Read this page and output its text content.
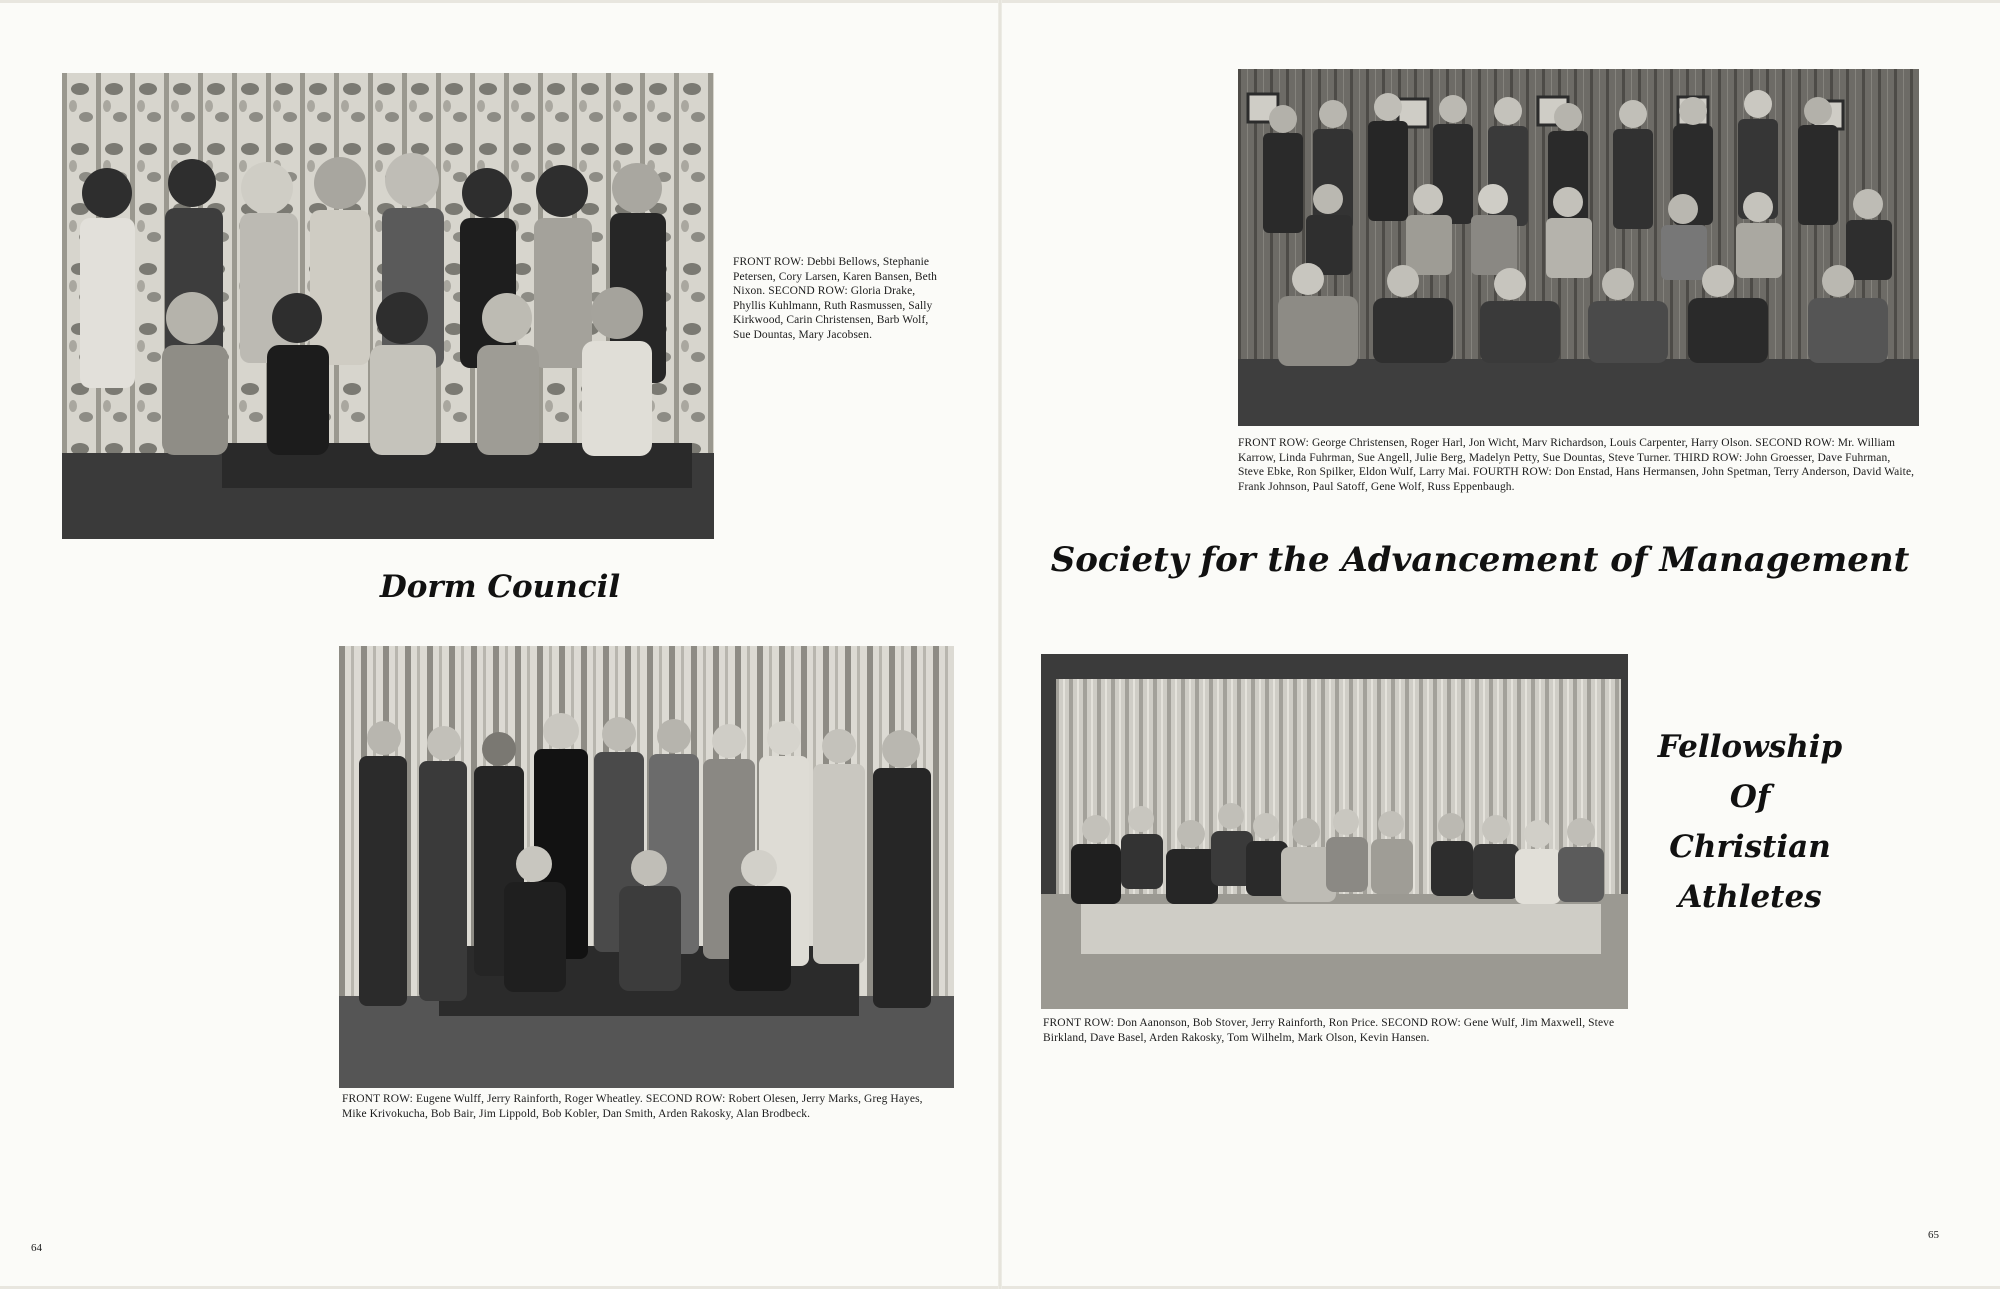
FRONT ROW: Debbi Bellows, Stephanie Petersen, Cory Larsen, Karen Bansen, Beth Nixon. SECOND ROW: Gloria Drake, Phyllis Kuhlmann, Ruth Rasmussen, Sally Kirkwood, Carin Christensen, Barb Wolf, Sue Dountas, Mary Jacobsen.
Dorm Council
FRONT ROW: Eugene Wulff, Jerry Rainforth, Roger Wheatley. SECOND ROW: Robert Olesen, Jerry Marks, Greg Hayes, Mike Krivokucha, Bob Bair, Jim Lippold, Bob Kobler, Dan Smith, Arden Rakosky, Alan Brodbeck.
FRONT ROW: George Christensen, Roger Harl, Jon Wicht, Marv Richardson, Louis Carpenter, Harry Olson. SECOND ROW: Mr. William Karrow, Linda Fuhrman, Sue Angell, Julie Berg, Madelyn Petty, Sue Dountas, Steve Turner. THIRD ROW: John Groesser, Dave Fuhrman, Steve Ebke, Ron Spilker, Eldon Wulf, Larry Mai. FOURTH ROW: Don Enstad, Hans Hermansen, John Spetman, Terry Anderson, David Waite, Frank Johnson, Paul Satoff, Gene Wolf, Russ Eppenbaugh.
Society for the Advancement of Management
FRONT ROW: Don Aanonson, Bob Stover, Jerry Rainforth, Ron Price. SECOND ROW: Gene Wulf, Jim Maxwell, Steve Birkland, Dave Basel, Arden Rakosky, Tom Wilhelm, Mark Olson, Kevin Hansen.
Fellowship
Of
Christian
Athletes
64
65
